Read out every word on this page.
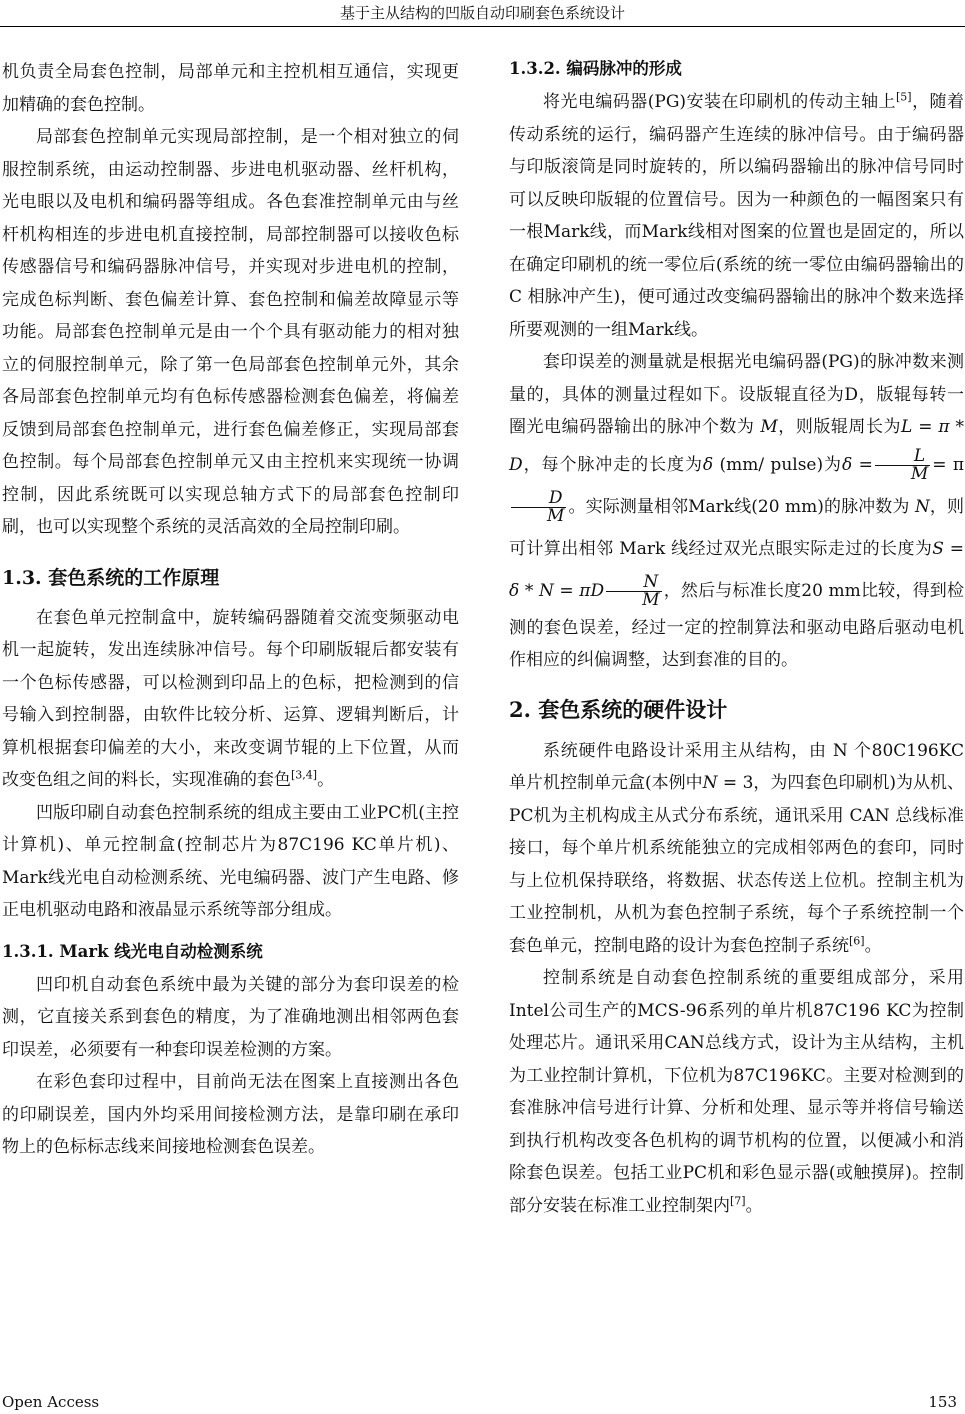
基于主从结构的凹版自动印刷套色系统设计

机负责全局套色控制，局部单元和主控机相互通信，实现更加精确的套色控制。

局部套色控制单元实现局部控制，是一个相对独立的伺服控制系统，由运动控制器、步进电机驱动器、丝杆机构，光电眼以及电机和编码器等组成。各色套准控制单元由与丝杆机构相连的步进电机直接控制，局部控制器可以接收色标传感器信号和编码器脉冲信号，并实现对步进电机的控制，完成色标判断、套色偏差计算、套色控制和偏差故障显示等功能。局部套色控制单元是由一个个具有驱动能力的相对独立的伺服控制单元，除了第一色局部套色控制单元外，其余各局部套色控制单元均有色标传感器检测套色偏差，将偏差反馈到局部套色控制单元，进行套色偏差修正，实现局部套色控制。每个局部套色控制单元又由主控机来实现统一协调控制，因此系统既可以实现总轴方式下的局部套色控制印刷，也可以实现整个系统的灵活高效的全局控制印刷。

1.3. 套色系统的工作原理

在套色单元控制盒中，旋转编码器随着交流变频驱动电机一起旋转，发出连续脉冲信号。每个印刷版辊后都安装有一个色标传感器，可以检测到印品上的色标，把检测到的信号输入到控制器，由软件比较分析、运算、逻辑判断后，计算机根据套印偏差的大小，来改变调节辊的上下位置，从而改变色组之间的料长，实现准确的套色[3,4]。

凹版印刷自动套色控制系统的组成主要由工业PC机(主控计算机)、单元控制盒(控制芯片为87C196 KC单片机)、Mark线光电自动检测系统、光电编码器、波门产生电路、修正电机驱动电路和液晶显示系统等部分组成。

1.3.1. Mark 线光电自动检测系统

凹印机自动套色系统中最为关键的部分为套印误差的检测，它直接关系到套色的精度，为了准确地测出相邻两色套印误差，必须要有一种套印误差检测的方案。

在彩色套印过程中，目前尚无法在图案上直接测出各色的印刷误差，国内外均采用间接检测方法，是靠印刷在承印物上的色标标志线来间接地检测套色误差。

1.3.2. 编码脉冲的形成

将光电编码器(PG)安装在印刷机的传动主轴上[5]，随着传动系统的运行，编码器产生连续的脉冲信号。由于编码器与印版滚筒是同时旋转的，所以编码器输出的脉冲信号同时可以反映印版辊的位置信号。因为一种颜色的一幅图案只有一根Mark线，而Mark线相对图案的位置也是固定的，所以在确定印刷机的统一零位后(系统的统一零位由编码器输出的 C 相脉冲产生)，便可通过改变编码器输出的脉冲个数来选择所要观测的一组Mark线。

套印误差的测量就是根据光电编码器(PG)的脉冲数来测量的，具体的测量过程如下。设版辊直径为D，版辊每转一圈光电编码器输出的脉冲个数为 M，则版辊周长为L = π * D，每个脉冲走的长度为δ (mm/ pulse)为$\delta = \frac{L}{M} = \pi$
$\frac{D}{M}$ 。实际测量相邻Mark线(20 mm)的脉冲数为 N，则可计算出相邻 Mark 线经过双光点眼实际走过的长度为S = δ * N = πD $\frac{N}{M}$ ，然后与标准长度20 mm比较，得到检测的套色误差，经过一定的控制算法和驱动电路后驱动电机作相应的纠偏调整，达到套准的目的。

2. 套色系统的硬件设计

系统硬件电路设计采用主从结构，由 N 个80C196KC单片机控制单元盒(本例中N = 3，为四套色印刷机)为从机、PC机为主机构成主从式分布系统，通讯采用 CAN 总线标准接口，每个单片机系统能独立的完成相邻两色的套印，同时与上位机保持联络，将数据、状态传送上位机。控制主机为工业控制机，从机为套色控制子系统，每个子系统控制一个套色单元，控制电路的设计为套色控制子系统[6]。

控制系统是自动套色控制系统的重要组成部分，采用Intel公司生产的MCS-96系列的单片机87C196 KC为控制处理芯片。通讯采用CAN总线方式，设计为主从结构，主机为工业控制计算机，下位机为87C196KC。主要对检测到的套准脉冲信号进行计算、分析和处理、显示等并将信号输送到执行机构改变各色机构的调节机构的位置，以便减小和消除套色误差。包括工业PC机和彩色显示器(或触摸屏)。控制部分安装在标准工业控制架内[7]。

Open Access	153
